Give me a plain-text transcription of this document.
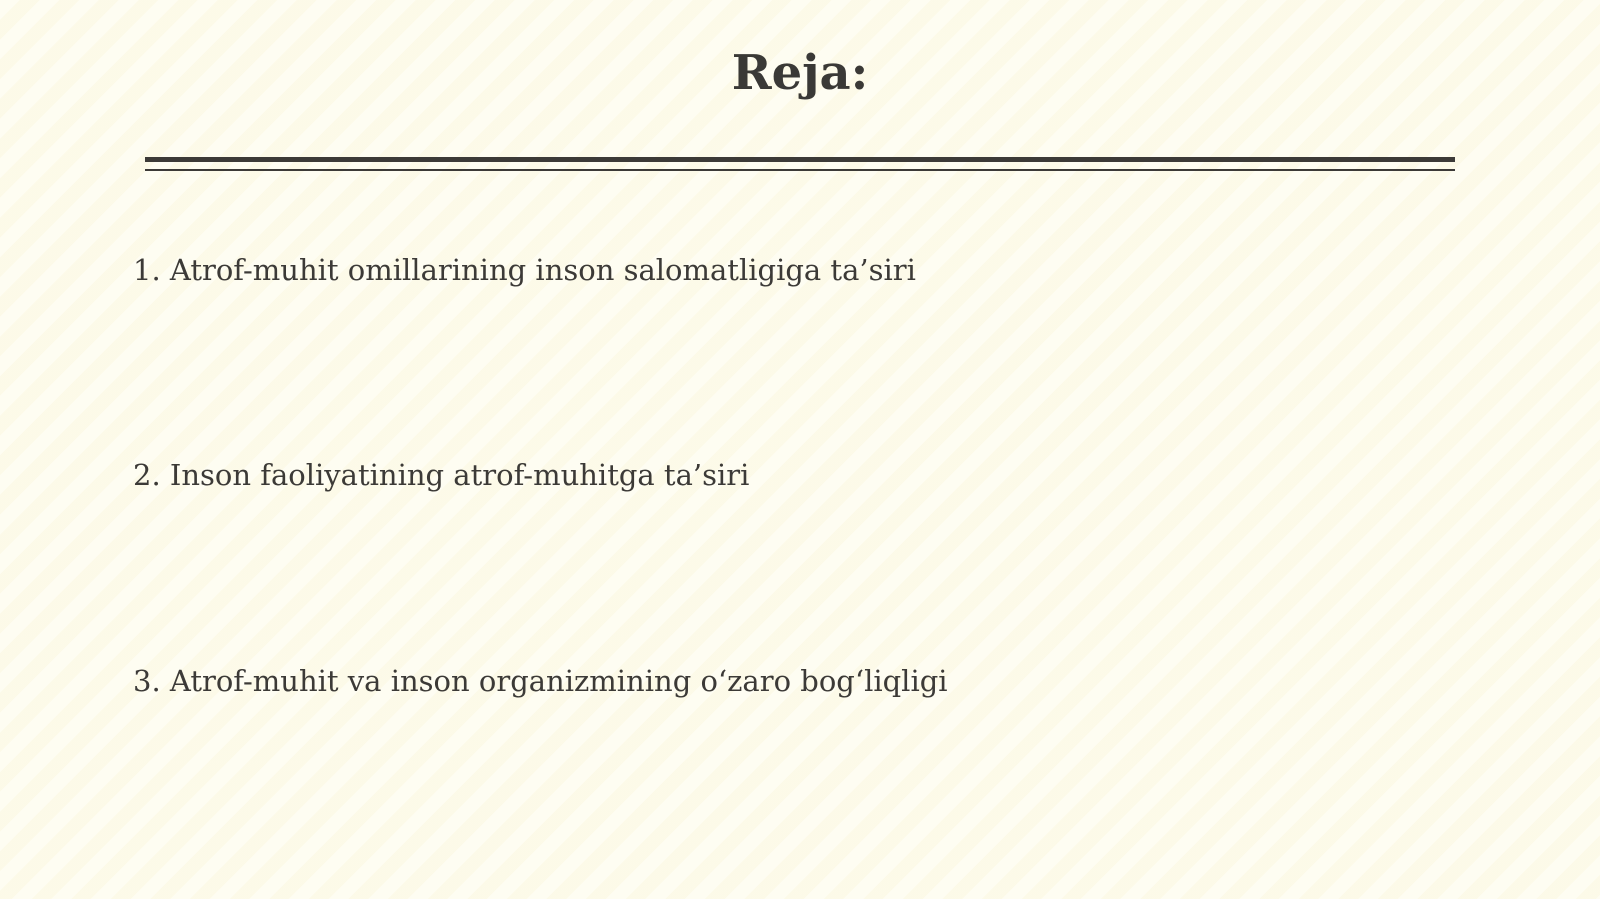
Reja:
1. Atrof-muhit omillarining inson salomatligiga ta’siri
2. Inson faoliyatining atrof-muhitga ta’siri
3. Atrof-muhit va inson organizmining o‘zaro bog‘liqligi
